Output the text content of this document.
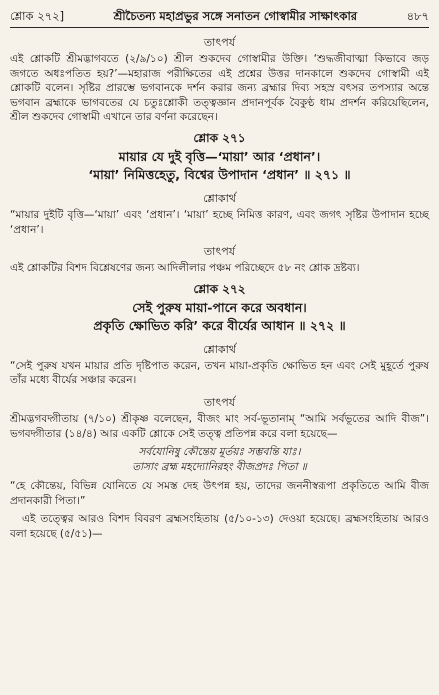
শ্লোক ২৭২]	শ্রীচৈতন্য মহাপ্রভুর সঙ্গে সনাতন গোস্বামীর সাক্ষাৎকার	৪৮৭
তাৎপর্য

এই শ্লোকটি শ্রীমদ্ভাগবতে (২/৯/১০) শ্রীল শুকদেব গোস্বামীর উক্তি। ‘শুদ্ধজীবাত্মা কিভাবে জড় জগতে অধঃপতিত হয়?’—মহারাজ পরীক্ষিতের এই প্রশ্নের উত্তর দানকালে শুকদেব গোস্বামী এই শ্লোকটি বলেন। সৃষ্টির প্রারম্ভে ভগবানকে দর্শন করার জন্য ব্রহ্মার দিব্য সহস্র বৎসর তপস্যার অন্তে ভগবান ব্রহ্মাকে ভাগবতের যে চতুঃশ্লোকী তত্ত্বজ্ঞান প্রদানপূর্বক বৈকুণ্ঠ ধাম প্রদর্শন করিয়েছিলেন, শ্রীল শুকদেব গোস্বামী এখানে তার বর্ণনা করেছেন।

শ্লোক ২৭১
মায়ার যে দুই বৃত্তি—‘মায়া’ আর ‘প্রধান’।
‘মায়া’ নিমিত্তহেতু, বিশ্বের উপাদান ‘প্রধান’ ॥ ২৭১ ॥
শ্লোকার্থ

“মায়ার দুইটি বৃত্তি—‘মায়া’ এবং ‘প্রধান’। ‘মায়া’ হচ্ছে নিমিত্ত কারণ, এবং জগৎ সৃষ্টির উপাদান হচ্ছে ‘প্রধান’।

তাৎপর্য

এই শ্লোকটির বিশদ বিশ্লেষণের জন্য আদিলীলার পঞ্চম পরিচ্ছেদে ৫৮ নং শ্লোক দ্রষ্টব্য।

শ্লোক ২৭২
সেই পুরুষ মায়া-পানে করে অবধান।
প্রকৃতি ক্ষোভিত করি’ করে বীর্যের আধান ॥ ২৭২ ॥
শ্লোকার্থ

“সেই পুরুষ যখন মায়ার প্রতি দৃষ্টিপাত করেন, তখন মায়া-প্রকৃতি ক্ষোভিত হন এবং সেই মুহূর্তে পুরুষ তাঁর মধ্যে বীর্যের সঞ্চার করেন।

তাৎপর্য

শ্রীমদ্ভগবদ্গীতায় (৭/১০) শ্রীকৃষ্ণ বলেছেন, বীজং মাং সর্ব-ভূতানাম্ “আমি সর্বভূতের আদি বীজ”। ভগবদ্গীতার (১৪/৪) আর একটি শ্লোকে সেই তত্ত্ব প্রতিপন্ন করে বলা হয়েছে—

সর্বযোনিষু কৌন্তেয় মূর্তয়ঃ সম্ভবন্তি যাঃ।
তাসাং ব্রহ্ম মহদ্যোনিরহং বীজপ্রদঃ পিতা ॥

“হে কৌন্তেয়, বিভিন্ন যোনিতে যে সমস্ত দেহ উৎপন্ন হয়, তাদের জননীস্বরূপা প্রকৃতিতে আমি বীজ প্রদানকারী পিতা।”

এই তত্ত্বের আরও বিশদ বিবরণ ব্রহ্মসংহিতায় (৫/১০-১৩) দেওয়া হয়েছে। ব্রহ্মসংহিতায় আরও বলা হয়েছে (৫/৫১)—
